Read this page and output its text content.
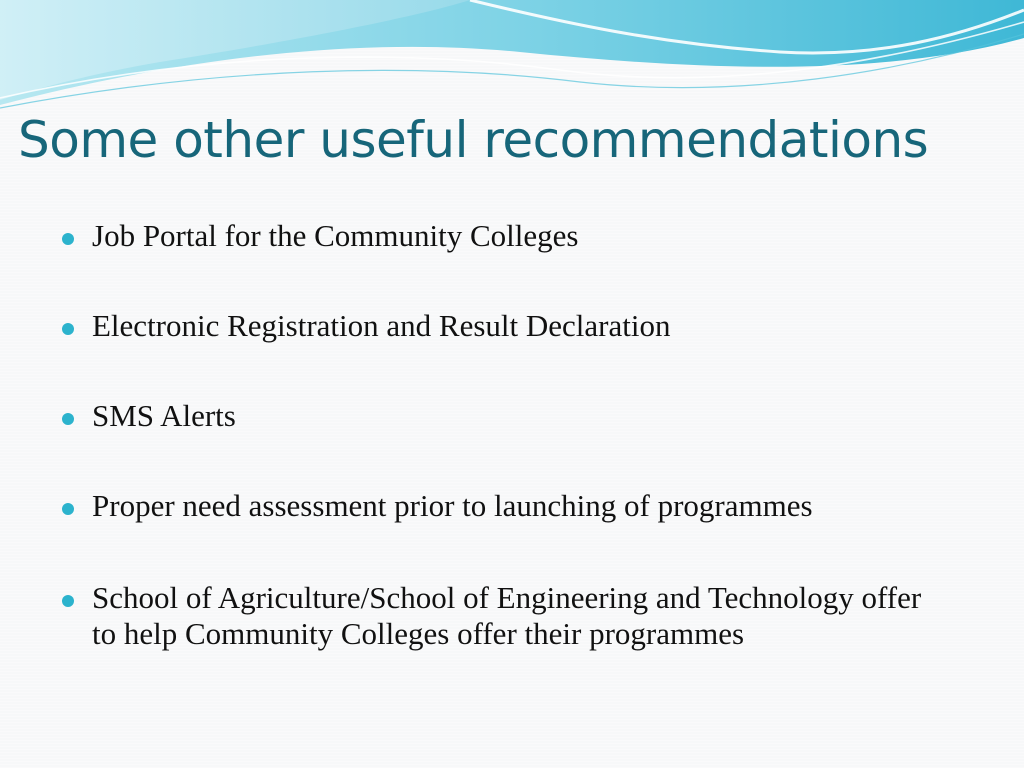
Some other useful recommendations
Job Portal for the Community Colleges
Electronic Registration and Result Declaration
SMS Alerts
Proper need assessment prior to launching of programmes
School of Agriculture/School of Engineering and Technology offer to help Community Colleges offer their programmes
